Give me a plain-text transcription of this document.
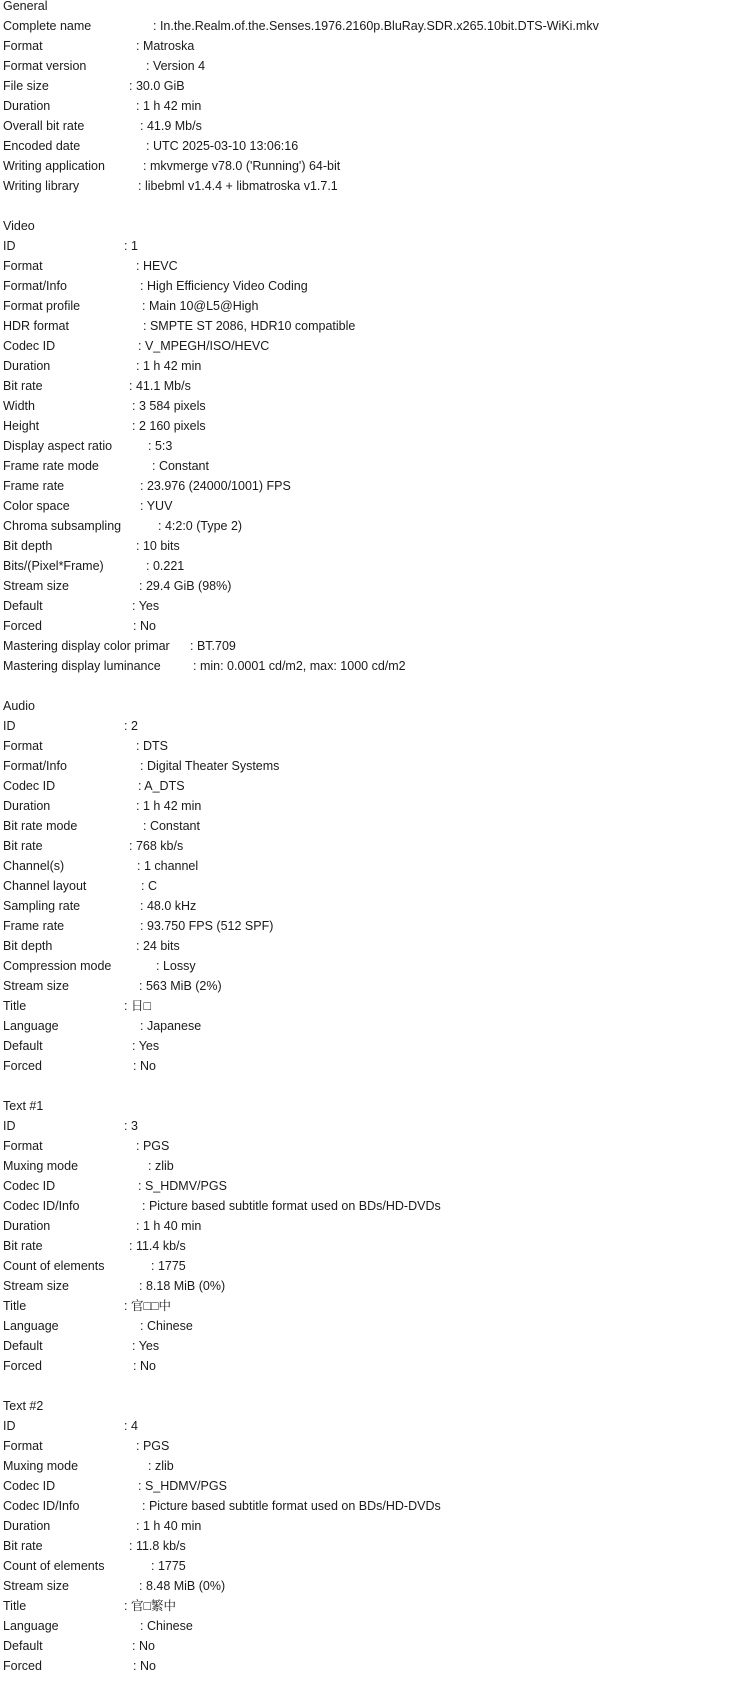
General
Complete name	: In.the.Realm.of.the.Senses.1976.2160p.BluRay.SDR.x265.10bit.DTS-WiKi.mkv
Format	: Matroska
Format version	: Version 4
File size	: 30.0 GiB
Duration	: 1 h 42 min
Overall bit rate	: 41.9 Mb/s
Encoded date	: UTC 2025-03-10 13:06:16
Writing application	: mkvmerge v78.0 ('Running') 64-bit
Writing library	: libebml v1.4.4 + libmatroska v1.7.1
Video
ID	: 1
Format	: HEVC
Format/Info	: High Efficiency Video Coding
Format profile	: Main 10@L5@High
HDR format	: SMPTE ST 2086, HDR10 compatible
Codec ID	: V_MPEGH/ISO/HEVC
Duration	: 1 h 42 min
Bit rate	: 41.1 Mb/s
Width	: 3 584 pixels
Height	: 2 160 pixels
Display aspect ratio	: 5:3
Frame rate mode	: Constant
Frame rate	: 23.976 (24000/1001) FPS
Color space	: YUV
Chroma subsampling	: 4:2:0 (Type 2)
Bit depth	: 10 bits
Bits/(Pixel*Frame)	: 0.221
Stream size	: 29.4 GiB (98%)
Default	: Yes
Forced	: No
Mastering display color primar : BT.709
Mastering display luminance	: min: 0.0001 cd/m2, max: 1000 cd/m2
Audio
ID	: 2
Format	: DTS
Format/Info	: Digital Theater Systems
Codec ID	: A_DTS
Duration	: 1 h 42 min
Bit rate mode	: Constant
Bit rate	: 768 kb/s
Channel(s)	: 1 channel
Channel layout	: C
Sampling rate	: 48.0 kHz
Frame rate	: 93.750 FPS (512 SPF)
Bit depth	: 24 bits
Compression mode	: Lossy
Stream size	: 563 MiB (2%)
Title	: 日□
Language	: Japanese
Default	: Yes
Forced	: No
Text #1
ID	: 3
Format	: PGS
Muxing mode	: zlib
Codec ID	: S_HDMV/PGS
Codec ID/Info	: Picture based subtitle format used on BDs/HD-DVDs
Duration	: 1 h 40 min
Bit rate	: 11.4 kb/s
Count of elements	: 1775
Stream size	: 8.18 MiB (0%)
Title	: 官□□中
Language	: Chinese
Default	: Yes
Forced	: No
Text #2
ID	: 4
Format	: PGS
Muxing mode	: zlib
Codec ID	: S_HDMV/PGS
Codec ID/Info	: Picture based subtitle format used on BDs/HD-DVDs
Duration	: 1 h 40 min
Bit rate	: 11.8 kb/s
Count of elements	: 1775
Stream size	: 8.48 MiB (0%)
Title	: 官□繁中
Language	: Chinese
Default	: No
Forced	: No
